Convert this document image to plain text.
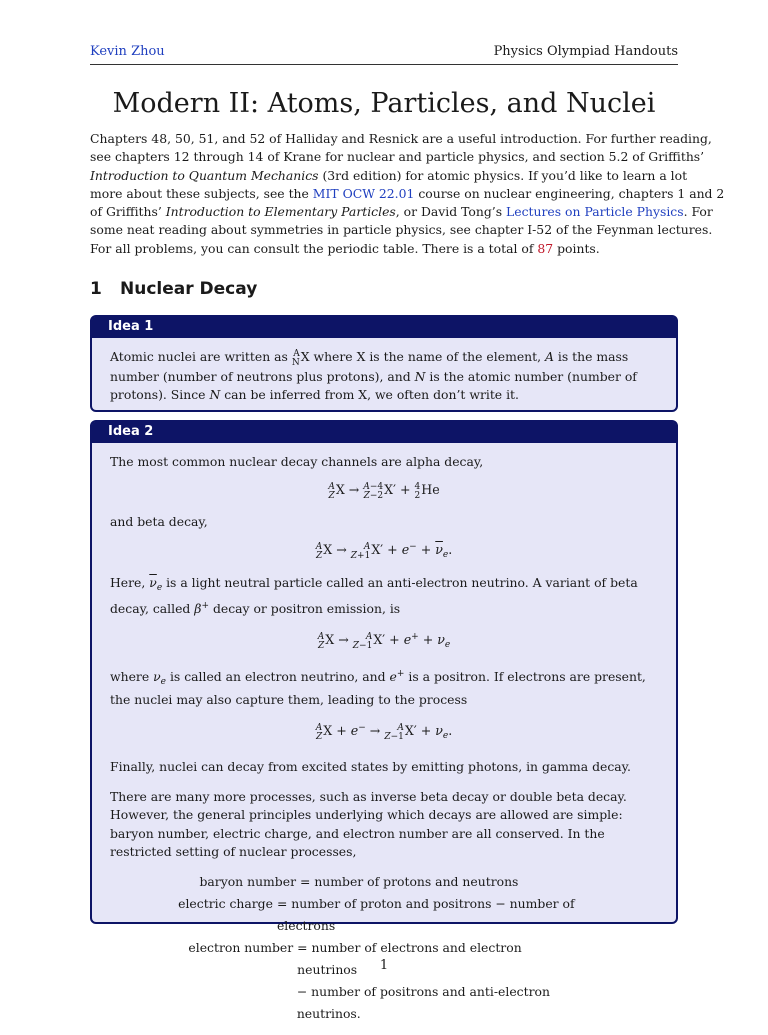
Kevin Zhou	Physics Olympiad Handouts
Modern II: Atoms, Particles, and Nuclei
Chapters 48, 50, 51, and 52 of Halliday and Resnick are a useful introduction. For further reading,
see chapters 12 through 14 of Krane for nuclear and particle physics, and section 5.2 of Griffiths’
Introduction to Quantum Mechanics (3rd edition) for atomic physics. If you’d like to learn a lot
more about these subjects, see the MIT OCW 22.01 course on nuclear engineering, chapters 1 and 2
of Griffiths’ Introduction to Elementary Particles, or David Tong’s Lectures on Particle Physics. For
some neat reading about symmetries in particle physics, see chapter I-52 of the Feynman lectures.
For all problems, you can consult the periodic table. There is a total of 87 points.
1 Nuclear Decay
Idea 1

Atomic nuclei are written as A
N X where X is the name of the element, A is the mass number (number of neutrons plus protons), and N is the atomic number (number of protons). Since N can be inferred from X, we often don’t write it.

Idea 2

The most common nuclear decay channels are alpha decay,

A
Z X → A−4
Z−2 X′ + 4
2 He

and beta decay,

A
Z X →	A
Z+1 $X' + e^- + \overline{\nu}_e$.

Here, $\overline{\nu}_e$ is a light neutral particle called an anti-electron neutrino. A variant of beta decay, called β+ decay or positron emission, is

A
Z X →	A
Z−1 $X' + e^+ + \nu_e$

where $\nu_e$ is called an electron neutrino, and e+ is a positron. If electrons are present, the nuclei may also capture them, leading to the process

A
Z X + e− →	A
Z−1 $X' + \nu_e$.

Finally, nuclei can decay from excited states by emitting photons, in gamma decay.

There are many more processes, such as inverse beta decay or double beta decay. However, the general principles underlying which decays are allowed are simple: baryon number, electric charge, and electron number are all conserved. In the restricted setting of nuclear processes,

baryon number = number of protons and neutrons
electric charge = number of proton and positrons − number of electrons
electron number = number of electrons and electron neutrinos
− number of positrons and anti-electron neutrinos.
1
